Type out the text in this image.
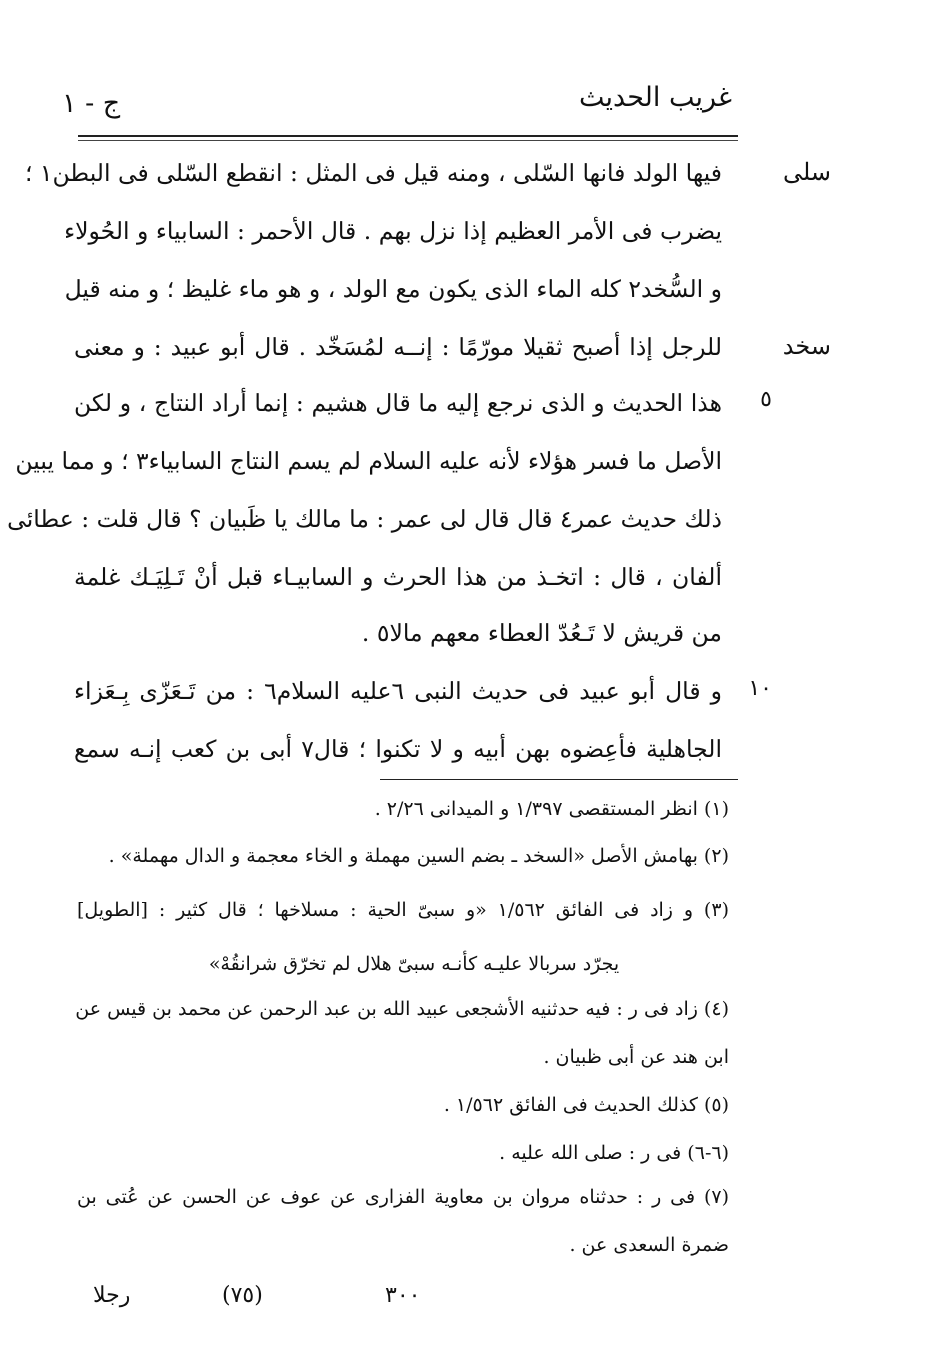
غريب الحديث
ج - ١
سلى
سخد
٥
١٠
فيها الولد فانها السّلى ، ومنه قيل فى المثل : انقطع السّلى فى البطن١ ؛
يضرب فى الأمر العظيم إذا نزل بهم . قال الأحمر : السابياء و الحُولاء
و السُّخد٢ كله الماء الذى يكون مع الولد ، و هو ماء غليظ ؛ و منه قيل
للرجل إذا أصبح ثقيلا مورّمًا : إنــه لمُسَخّد . قال أبو عبيد : و معنى
هذا الحديث و الذى نرجع إليه ما قال هشيم : إنما أراد النتاج ، و لكن
الأصل ما فسر هؤلاء لأنه عليه السلام لم يسم النتاج السابياء٣ ؛ و مما يبين
ذلك حديث عمر٤ قال قال لى عمر : ما مالك يا ظَبيان ؟ قال قلت : عطائى
ألفان ، قال : اتخـذ من هذا الحرث و السابيـاء قبل أنْ تَـلِيَـك غلمة
من قريش لا تَـعُدّ العطاء معهم مالا٥ .
و قال أبو عبيد فى حديث النبى ٦عليه السلام٦ : من تَـعَزّى بِـعَزاء
الجاهلية فأعِضوه بهن أبيه و لا تكنوا ؛ قال٧ أبى بن كعب إنـه سمع
(١) انظر المستقصى ١/٣٩٧ و الميدانى ٢/٢٦ .
(٢) بهامش الأصل «السخد ـ بضم السين مهملة و الخاء معجمة و الدال مهملة» .
(٣) و زاد فى الفائق ١/٥٦٢ «و سبىّ الحية : مسلاخها ؛ قال كثير : [الطويل]
يجرّد سربالا عليـه كأنـه سبىّ هلال لم تخرّق شرانقُهْ»
(٤) زاد فى ر : فيه حدثنيه الأشجعى عبيد الله بن عبد الرحمن عن محمد بن قيس عن
ابن هند عن أبى ظبيان .
(٥) كذلك الحديث فى الفائق ١/٥٦٢ .
(٦-٦) فى ر : صلى الله عليه .
(٧) فى ر : حدثناه مروان بن معاوية الفزارى عن عوف عن الحسن عن عُتى بن
ضمرة السعدى عن .
٣٠٠
(٧٥)
رجلا
